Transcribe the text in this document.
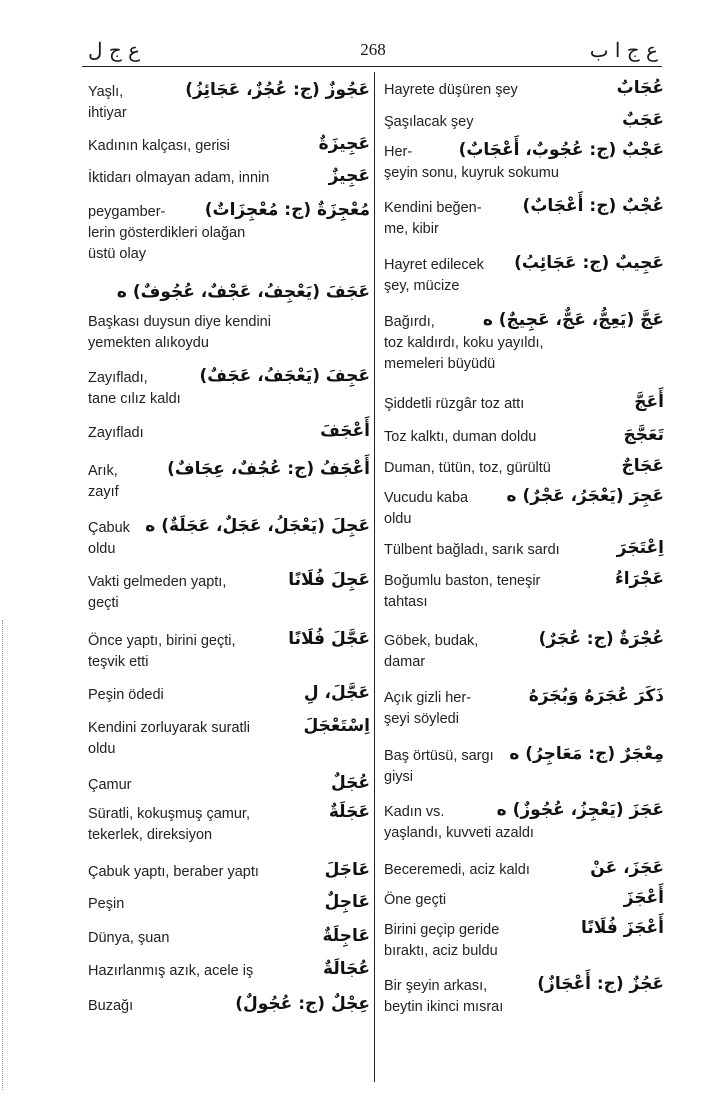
ع ج ل	268	ع ج ا ب
Yaşlı,
ihtiyar
عَجُوزٌ (ج: عُجُزٌ، عَجَائِزُ)
Kadının kalçası, gerisi	عَجِيزَةٌ
İktidarı olmayan adam, innin	عَجِيزٌ
peygamber-
lerin gösterdikleri olağan
üstü olay
مُعْجِزَةٌ (ج: مُعْجِزَاتٌ)
عَجَفَ (يَعْجِفُ، عَجْفٌ، عُجُوفٌ) ه
Başkası duysun diye kendini
yemekten alıkoydu
Zayıfladı,
tane cılız kaldı
عَجِفَ (يَعْجَفُ، عَجَفٌ)
Zayıfladı	أَعْجَفَ
Arık,
zayıf
أَعْجَفُ (ج: عُجُفٌ، عِجَافٌ)
Çabuk
oldu
عَجِلَ (يَعْجَلُ، عَجَلٌ، عَجَلَةٌ) ه
Vakti gelmeden yaptı,
geçti
عَجِلَ فُلَانًا
Önce yaptı, birini geçti,
teşvik etti
عَجَّلَ فُلَانًا
Peşin ödedi	عَجَّلَ، لِ
Kendini zorluyarak suratli
oldu
اِسْتَعْجَلَ
Çamur	عُجَلٌ
Süratli, kokuşmuş çamur,
tekerlek, direksiyon
عَجَلَةٌ
Çabuk yaptı, beraber yaptı	عَاجَلَ
Peşin	عَاجِلٌ
Dünya, şuan	عَاجِلَةٌ
Hazırlanmış azık, acele iş	عُجَالَةٌ
Buzağı	عِجْلٌ (ج: عُجُولٌ)
Hayrete düşüren şey	عُجَابٌ
Şaşılacak şey	عَجَبٌ
Her-
şeyin sonu, kuyruk sokumu
عَجْبٌ (ج: عُجُوبٌ، أَعْجَابٌ)
Kendini beğen-
me, kibir
عُجْبٌ (ج: أَعْجَابٌ)
Hayret edilecek
şey, mücize
عَجِيبٌ (ج: عَجَائِبُ)
Bağırdı,
toz kaldırdı, koku yayıldı,
memeleri büyüdü
عَجَّ (يَعِجُّ، عَجٌّ، عَجِيجٌ) ه
Şiddetli rüzgâr toz attı	أَعَجَّ
Toz kalktı, duman doldu	تَعَجَّجَ
Duman, tütün, toz, gürültü	عَجَاجٌ
Vucudu kaba
oldu
عَجِرَ (يَعْجَرُ، عَجْرٌ) ه
Tülbent bağladı, sarık sardı	اِعْتَجَرَ
Boğumlu baston, teneşir
tahtası
عَجْرَاءُ
Göbek, budak,
damar
عُجْرَةٌ (ج: عُجَرٌ)
Açık gizli her-
şeyi söyledi
ذَكَرَ عُجَرَهُ وَبُجَرَهُ
Baş örtüsü, sargı
giysi
مِعْجَرٌ (ج: مَعَاجِرُ) ه
Kadın vs.
yaşlandı, kuvveti azaldı
عَجَزَ (يَعْجِزُ، عُجُوزٌ) ه
Beceremedi, aciz kaldı	عَجَزَ، عَنْ
Öne geçti	أَعْجَزَ
Birini geçip geride
bıraktı, aciz buldu
أَعْجَزَ فُلَانًا
Bir şeyin arkası,
beytin ikinci mısraı
عَجُزٌ (ج: أَعْجَازٌ)
